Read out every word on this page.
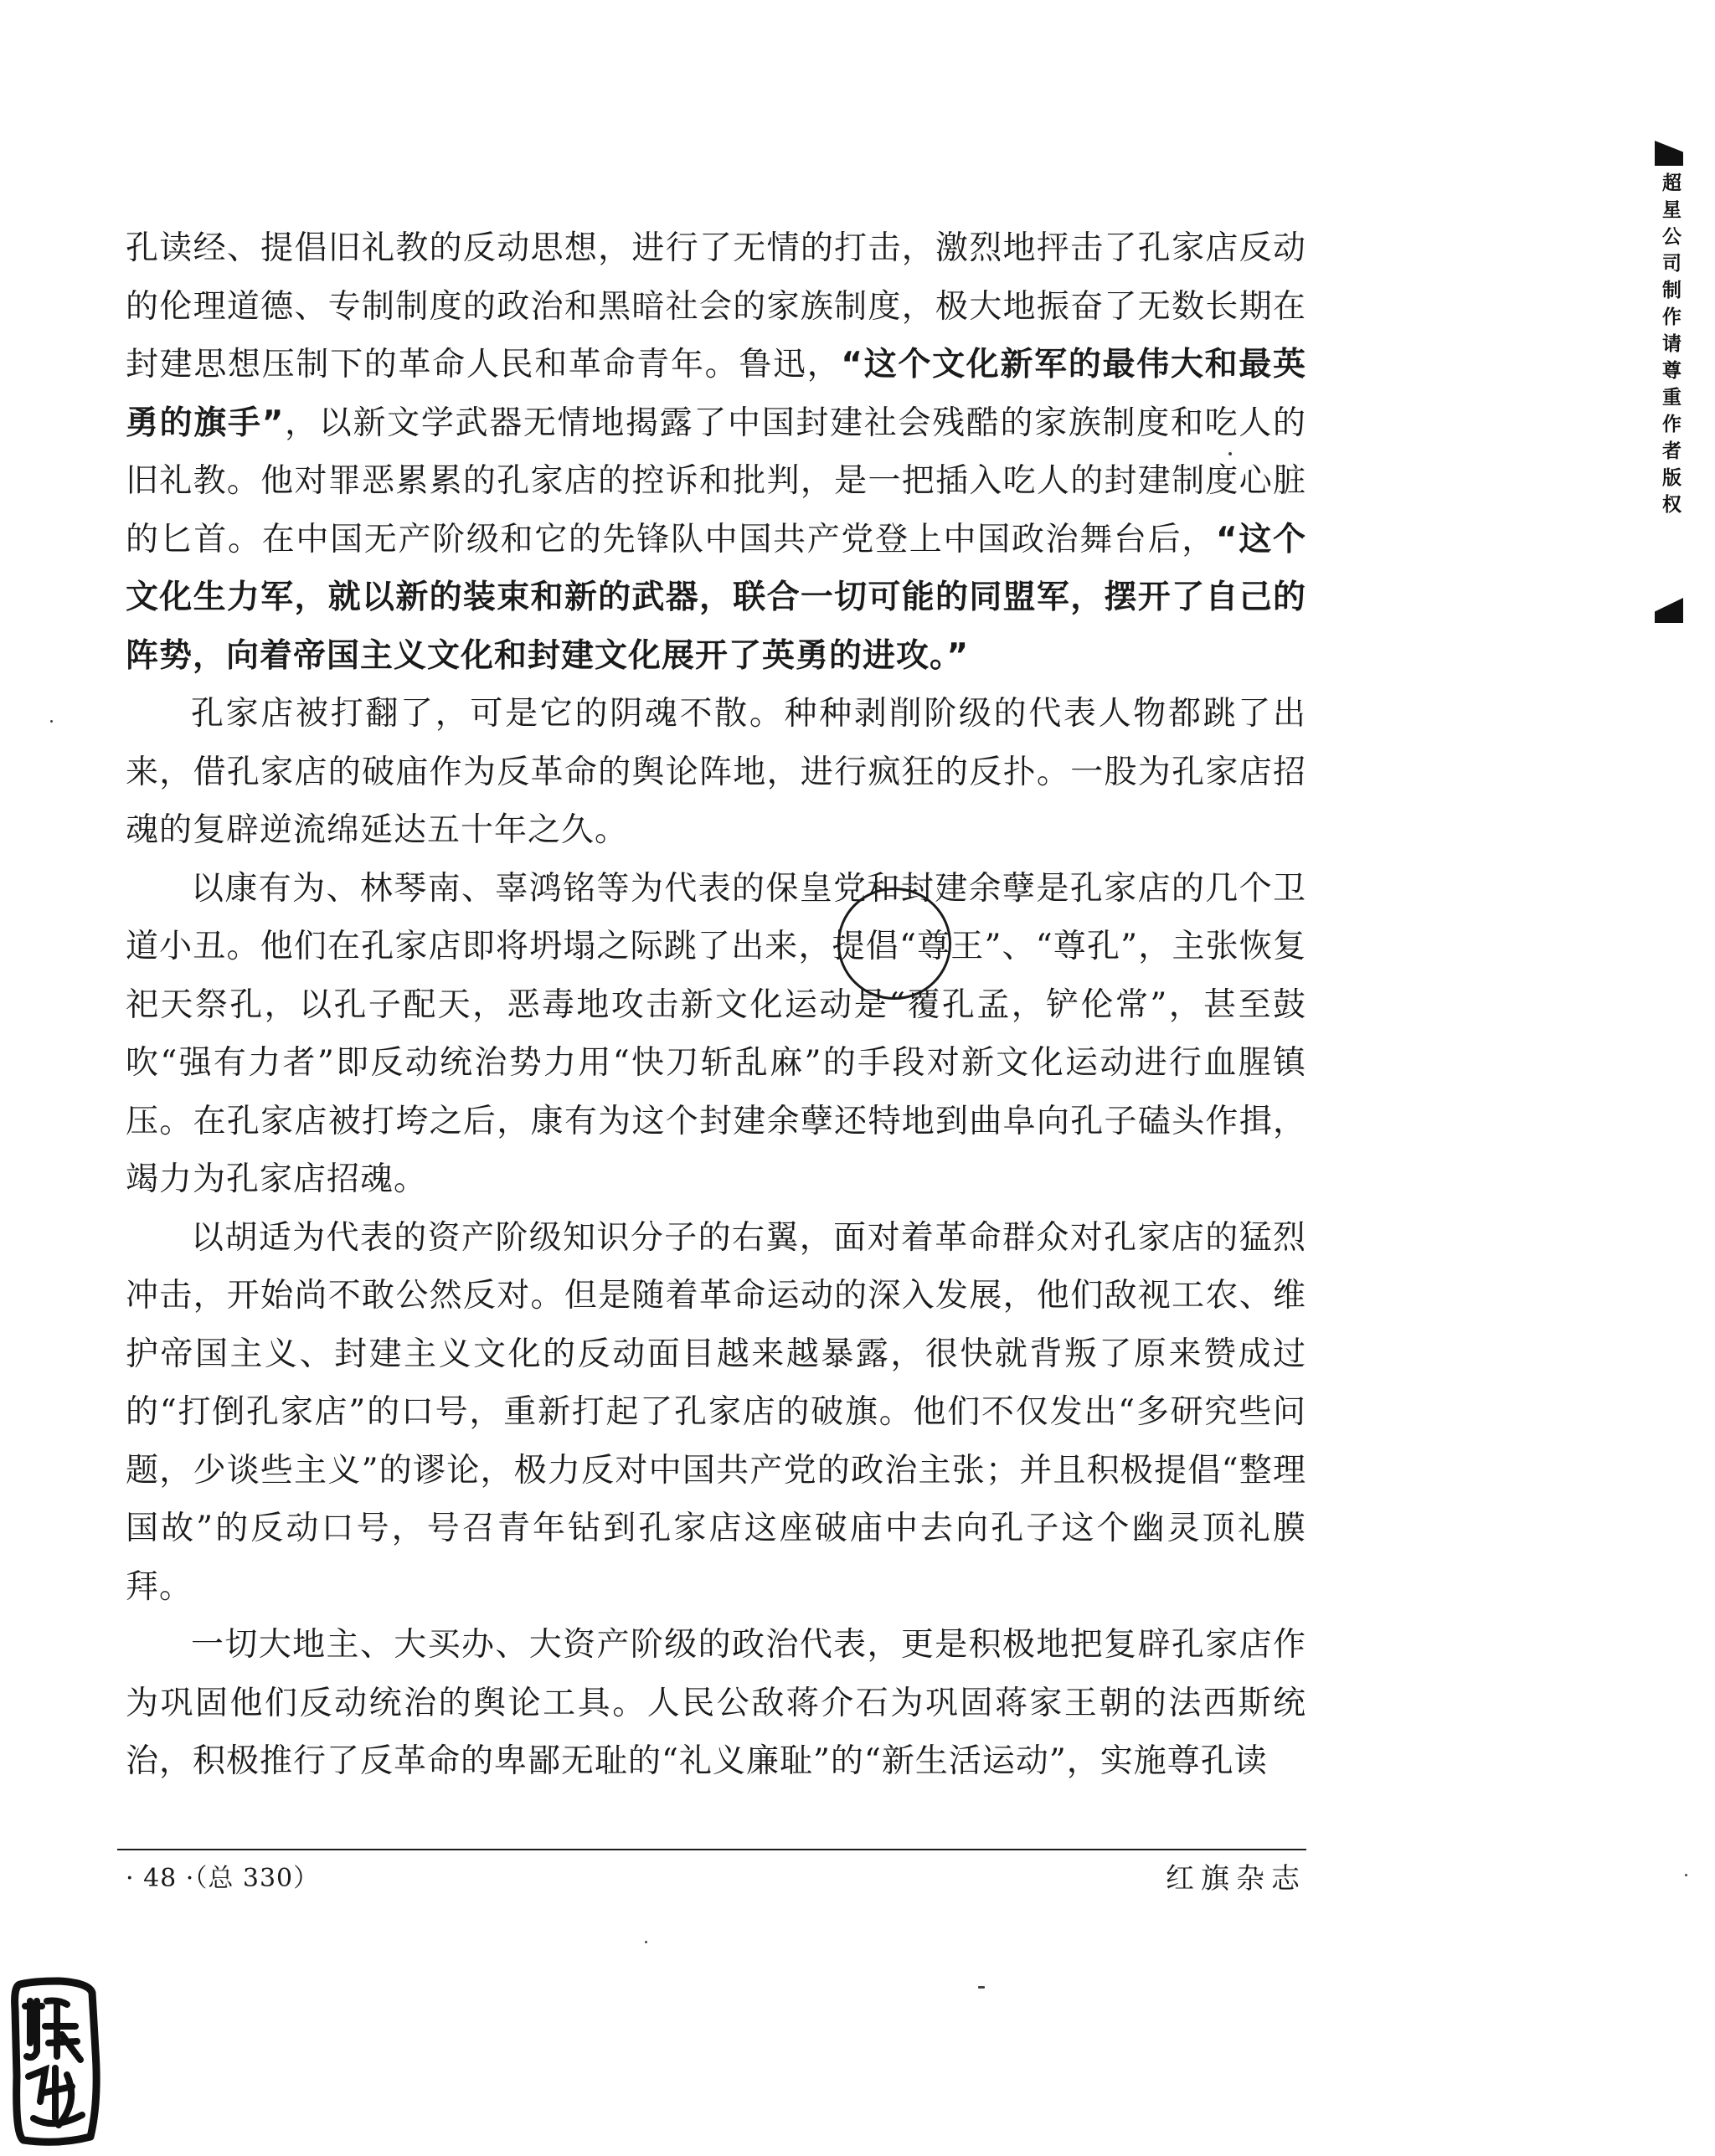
孔读经、提倡旧礼教的反动思想，进行了无情的打击，激烈地抨击了孔家店反动的伦理道德、专制制度的政治和黑暗社会的家族制度，极大地振奋了无数长期在封建思想压制下的革命人民和革命青年。鲁迅，“这个文化新军的最伟大和最英勇的旗手”，以新文学武器无情地揭露了中国封建社会残酷的家族制度和吃人的旧礼教。他对罪恶累累的孔家店的控诉和批判，是一把插入吃人的封建制度心脏的匕首。在中国无产阶级和它的先锋队中国共产党登上中国政治舞台后，“这个文化生力军，就以新的装束和新的武器，联合一切可能的同盟军，摆开了自己的阵势，向着帝国主义文化和封建文化展开了英勇的进攻。”

孔家店被打翻了，可是它的阴魂不散。种种剥削阶级的代表人物都跳了出来，借孔家店的破庙作为反革命的舆论阵地，进行疯狂的反扑。一股为孔家店招魂的复辟逆流绵延达五十年之久。

以康有为、林琴南、辜鸿铭等为代表的保皇党和封建余孽是孔家店的几个卫道小丑。他们在孔家店即将坍塌之际跳了出来，提倡“尊王”、“尊孔”，主张恢复祀天祭孔，以孔子配天，恶毒地攻击新文化运动是“覆孔孟，铲伦常”，甚至鼓吹“强有力者”即反动统治势力用“快刀斩乱麻”的手段对新文化运动进行血腥镇压。在孔家店被打垮之后，康有为这个封建余孽还特地到曲阜向孔子磕头作揖，竭力为孔家店招魂。

以胡适为代表的资产阶级知识分子的右翼，面对着革命群众对孔家店的猛烈冲击，开始尚不敢公然反对。但是随着革命运动的深入发展，他们敌视工农、维护帝国主义、封建主义文化的反动面目越来越暴露，很快就背叛了原来赞成过的“打倒孔家店”的口号，重新打起了孔家店的破旗。他们不仅发出“多研究些问题，少谈些主义”的谬论，极力反对中国共产党的政治主张；并且积极提倡“整理国故”的反动口号，号召青年钻到孔家店这座破庙中去向孔子这个幽灵顶礼膜拜。

一切大地主、大买办、大资产阶级的政治代表，更是积极地把复辟孔家店作为巩固他们反动统治的舆论工具。人民公敌蒋介石为巩固蒋家王朝的法西斯统治，积极推行了反革命的卑鄙无耻的“礼义廉耻”的“新生活运动”，实施尊孔读

· 48 ·（总 330）	红旗杂志
超星公司制作请尊重作者版权
